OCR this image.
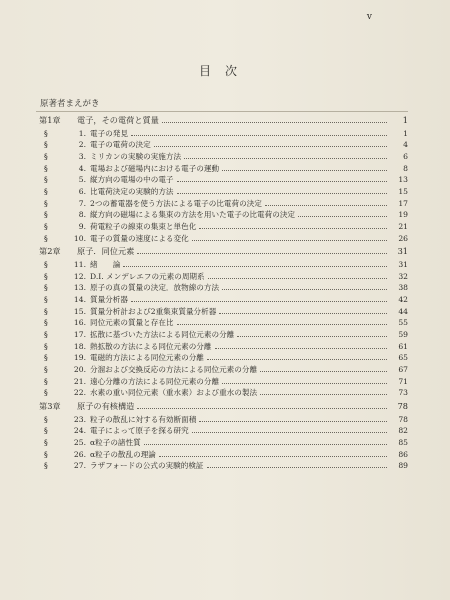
v
目次
原著者まえがき
第1章	電子，その電荷と質量	1
§	1. 電子の発見	1
§	2. 電子の電荷の決定	4
§	3. ミリカンの実験の実施方法	6
§	4. 電場および磁場内における電子の運動	8
§	5. 縦方向の電場の中の電子	13
§	6. 比電荷決定の実験的方法	15
§	7. 2つの蓄電器を使う方法による電子の比電荷の決定	17
§	8. 縦方向の磁場による集束の方法を用いた電子の比電荷の決定	19
§	9. 荷電粒子の線束の集束と単色化	21
§	10. 電子の質量の速度による変化	26
第2章	原子．同位元素	31
§	11. 緒　　論	31
§	12. D.I. メンデレエフの元素の周期系	32
§	13. 原子の真の質量の決定．放物線の方法	38
§	14. 質量分析器	42
§	15. 質量分析計および2重集束質量分析器	44
§	16. 同位元素の質量と存在比	55
§	17. 拡散に基づいた方法による同位元素の分離	59
§	18. 熱拡散の方法による同位元素の分離	61
§	19. 電磁的方法による同位元素の分離	65
§	20. 分溜および交換反応の方法による同位元素の分離	67
§	21. 遠心分離の方法による同位元素の分離	71
§	22. 水素の重い同位元素（重水素）および重水の製法	73
第3章	原子の有核構造	78
§	23. 粒子の散乱に対する有効断面積	78
§	24. 電子によって原子を探る研究	82
§	25. α粒子の諸性質	85
§	26. α粒子の散乱の理論	86
§	27. ラザフォードの公式の実験的検証	89
